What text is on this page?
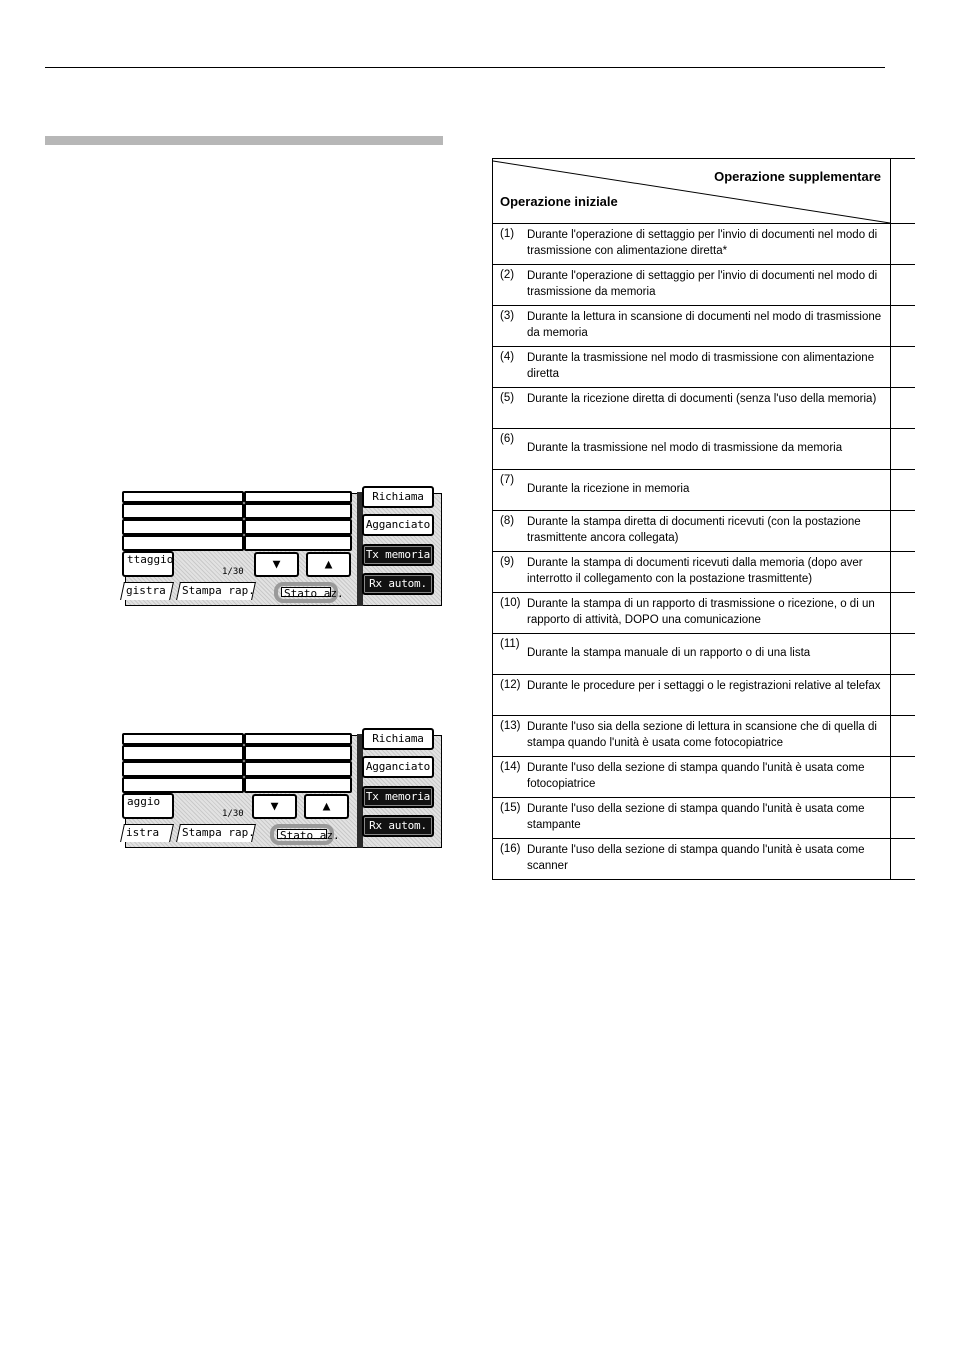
ttaggio
1/30	▼	▲
gistra	Stampa rap.	Stato az.
Richiama
Agganciato
Tx memoria
Rx autom.
aggio
1/30	▼	▲
istra	Stampa rap. Stato az.
Richiama
Agganciato
Tx memoria
Rx autom.
Operazione supplementare
Operazione iniziale	

(1) Durante l'operazione di settaggio per l'invio di documenti nel modo di trasmissione con alimentazione diretta*	

(2) Durante l'operazione di settaggio per l'invio di documenti nel modo di trasmissione da memoria	

(3) Durante la lettura in scansione di documenti nel modo di trasmissione da memoria	

(4) Durante la trasmissione nel modo di trasmissione con alimentazione diretta	

(5) Durante la ricezione diretta di documenti (senza l'uso della memoria)	

(6)
Durante la trasmissione nel modo di trasmissione da memoria	

(7)
Durante la ricezione in memoria	

(8) Durante la stampa diretta di documenti ricevuti (con la postazione trasmittente ancora collegata)	

(9) Durante la stampa di documenti ricevuti dalla memoria (dopo aver interrotto il collegamento con la postazione trasmittente)	

(10) Durante la stampa di un rapporto di trasmissione o ricezione, o di un rapporto di attività, DOPO una comunicazione	

(11)
Durante la stampa manuale di un rapporto o di una lista	

(12) Durante le procedure per i settaggi o le registrazioni relative al telefax	

(13) Durante l'uso sia della sezione di lettura in scansione che di quella di stampa quando l'unità è usata come fotocopiatrice	

(14) Durante l'uso della sezione di stampa quando l'unità è usata come fotocopiatrice	

(15) Durante l'uso della sezione di stampa quando l'unità è usata come stampante	

(16) Durante l'uso della sezione di stampa quando l'unità è usata come scanner	
